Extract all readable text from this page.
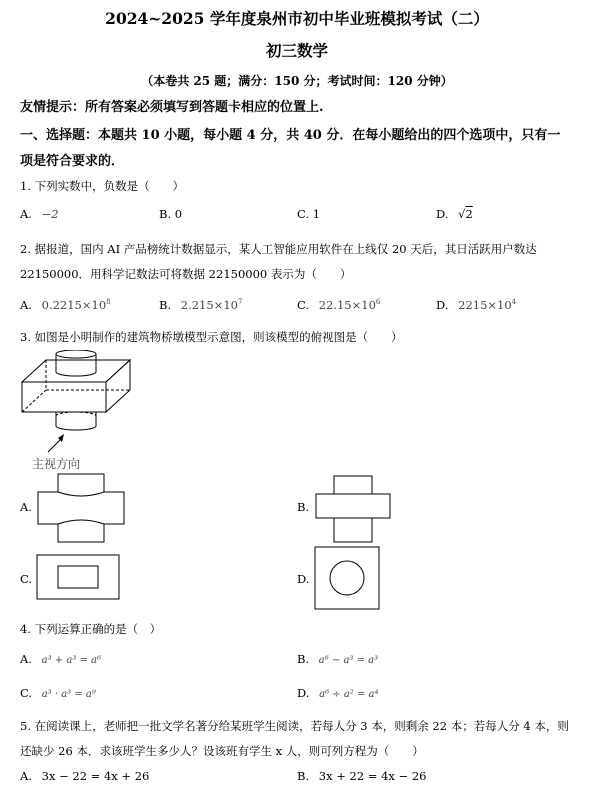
2024~2025 学年度泉州市初中毕业班模拟考试（二）
初三数学
（本卷共 25 题；满分：150 分；考试时间：120 分钟）
友情提示：所有答案必须填写到答题卡相应的位置上.
一、选择题：本题共 10 小题，每小题 4 分，共 40 分．在每小题给出的四个选项中，只有一
项是符合要求的．
1. 下列实数中，负数是（　　）
A. −2	B. 0	C. 1	D. √2
2. 据报道，国内 AI 产品榜统计数据显示，某人工智能应用软件在上线仅 20 天后，其日活跃用户数达
22150000．用科学记数法可将数据 22150000 表示为（　　）
A. $0.2215\times 10^8$	B. $2.215\times 10^7$	C. $22.15\times 10^6$	D. $2215\times 10^4$
3. 如图是小明制作的建筑物桥墩模型示意图，则该模型的俯视图是（　　）
主视方向
A.	B.
C.	D.
4. 下列运算正确的是（　）
A. a³ + a³ = a⁶	B. a⁶ − a³ = a³
C. a³ · a³ = a⁹	D. a⁶ ÷ a² = a⁴
5. 在阅读课上，老师把一批文学名著分给某班学生阅读，若每人分 3 本，则剩余 22 本；若每人分 4 本，则
还缺少 26 本．求该班学生多少人？设该班有学生 x 人，则可列方程为（　　）
A. 3x − 22 = 4x + 26	B. 3x + 22 = 4x − 26
